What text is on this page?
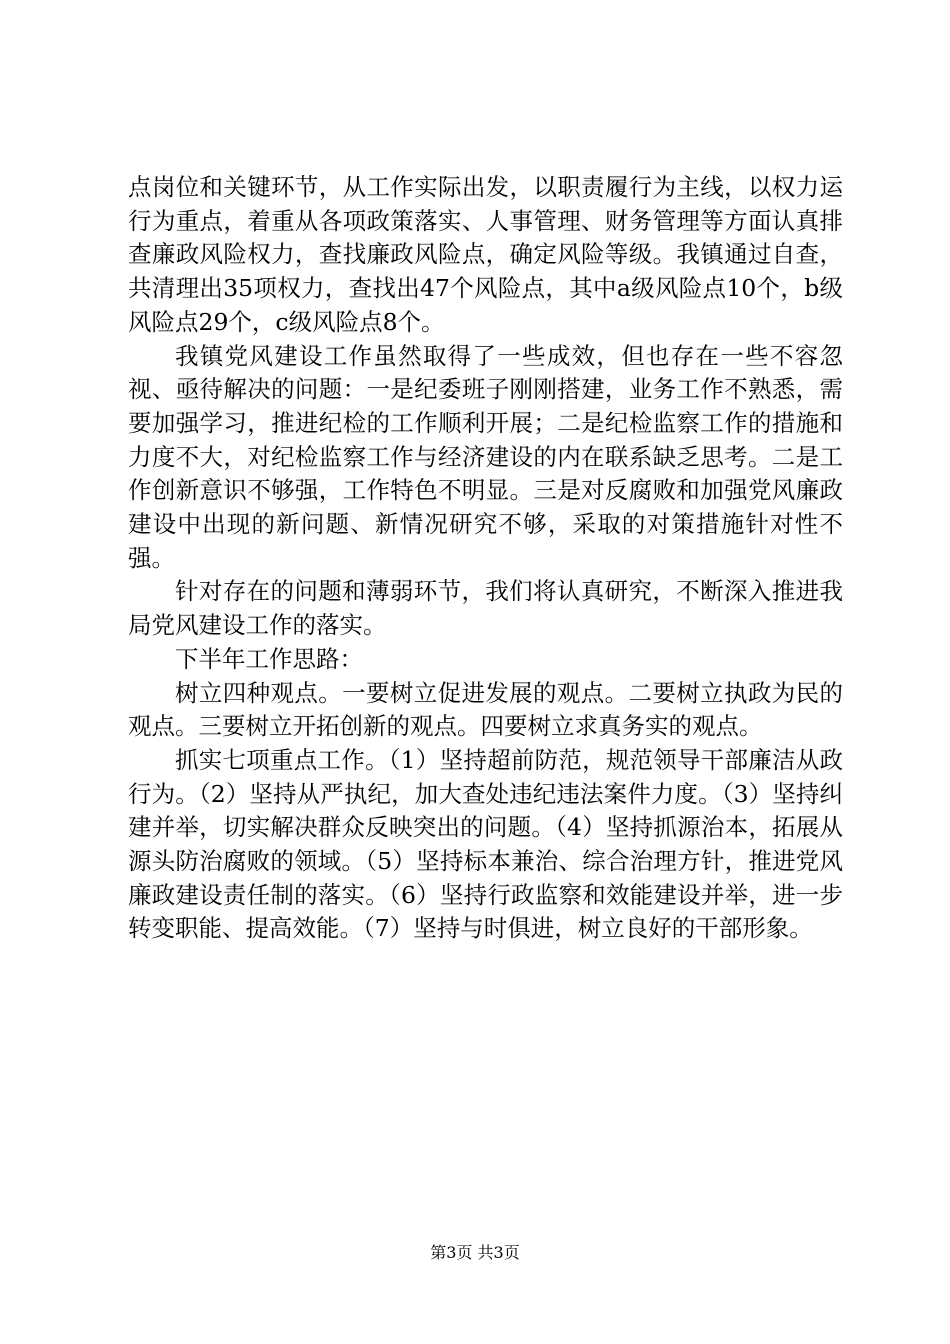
点岗位和关键环节，从工作实际出发，以职责履行为主线，以权力运行为重点，着重从各项政策落实、人事管理、财务管理等方面认真排查廉政风险权力，查找廉政风险点，确定风险等级。我镇通过自查，共清理出35项权力，查找出47个风险点，其中a级风险点10个，b级风险点29个，c级风险点8个。

我镇党风建设工作虽然取得了一些成效，但也存在一些不容忽视、亟待解决的问题：一是纪委班子刚刚搭建，业务工作不熟悉，需要加强学习，推进纪检的工作顺利开展；二是纪检监察工作的措施和力度不大，对纪检监察工作与经济建设的内在联系缺乏思考。二是工作创新意识不够强，工作特色不明显。三是对反腐败和加强党风廉政建设中出现的新问题、新情况研究不够，采取的对策措施针对性不强。

针对存在的问题和薄弱环节，我们将认真研究，不断深入推进我局党风建设工作的落实。

下半年工作思路：

树立四种观点。一要树立促进发展的观点。二要树立执政为民的观点。三要树立开拓创新的观点。四要树立求真务实的观点。

抓实七项重点工作。（1）坚持超前防范，规范领导干部廉洁从政行为。（2）坚持从严执纪，加大查处违纪违法案件力度。（3）坚持纠建并举，切实解决群众反映突出的问题。（4）坚持抓源治本，拓展从源头防治腐败的领域。（5）坚持标本兼治、综合治理方针，推进党风廉政建设责任制的落实。（6）坚持行政监察和效能建设并举，进一步转变职能、提高效能。（7）坚持与时俱进，树立良好的干部形象。

第3页 共3页
